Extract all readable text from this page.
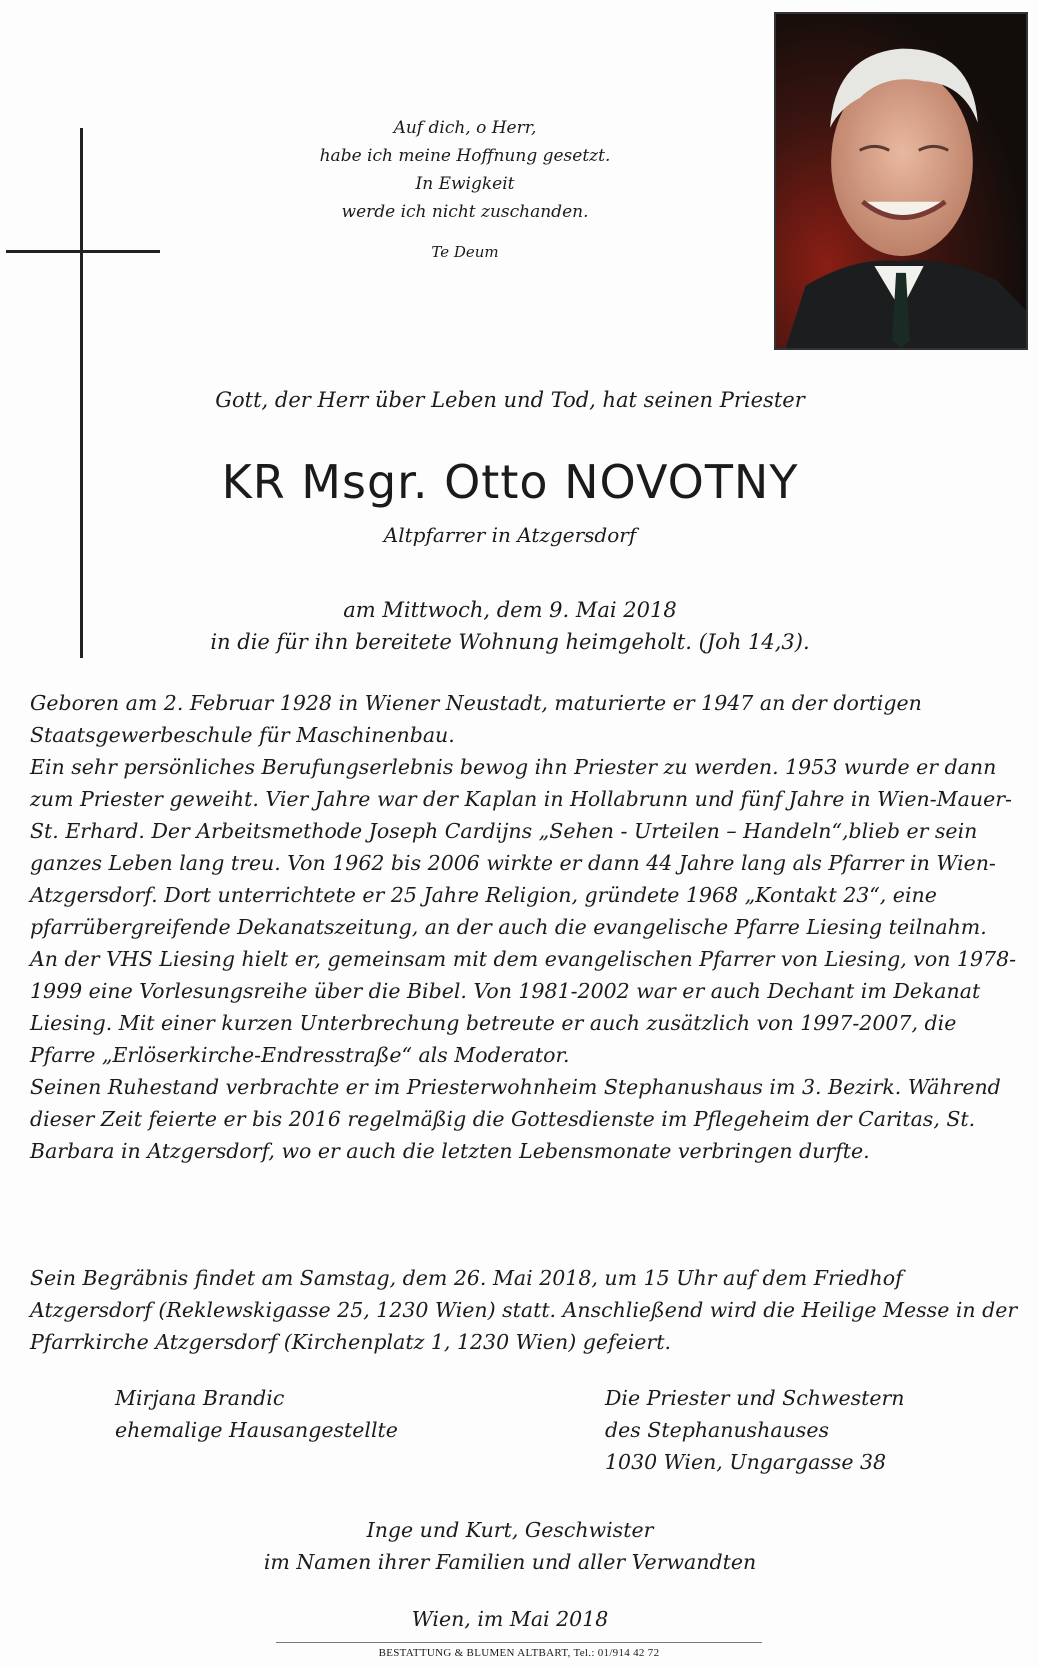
Auf dich, o Herr,
habe ich meine Hoffnung gesetzt.
In Ewigkeit
werde ich nicht zuschanden.
Te Deum
Gott, der Herr über Leben und Tod, hat seinen Priester
KR Msgr. Otto NOVOTNY
Altpfarrer in Atzgersdorf
am Mittwoch, dem 9. Mai 2018
in die für ihn bereitete Wohnung heimgeholt. (Joh 14,3).

Geboren am 2. Februar 1928 in Wiener Neustadt, maturierte er 1947 an der dortigen Staatsgewerbeschule für Maschinenbau.

Ein sehr persönliches Berufungserlebnis bewog ihn Priester zu werden. 1953 wurde er dann zum Priester geweiht. Vier Jahre war der Kaplan in Hollabrunn und fünf Jahre in Wien-Mauer-St. Erhard. Der Arbeitsmethode Joseph Cardijns „Sehen - Urteilen – Handeln“,blieb er sein ganzes Leben lang treu. Von 1962 bis 2006 wirkte er dann 44 Jahre lang als Pfarrer in Wien-Atzgersdorf. Dort unterrichtete er 25 Jahre Religion, gründete 1968 „Kontakt 23“, eine pfarrübergreifende Dekanatszeitung, an der auch die evangelische Pfarre Liesing teilnahm. An der VHS Liesing hielt er, gemeinsam mit dem evangelischen Pfarrer von Liesing, von 1978-1999 eine Vorlesungsreihe über die Bibel. Von 1981-2002 war er auch Dechant im Dekanat Liesing. Mit einer kurzen Unterbrechung betreute er auch zusätzlich von 1997-2007, die Pfarre „Erlöserkirche-Endresstraße“ als Moderator.

Seinen Ruhestand verbrachte er im Priesterwohnheim Stephanushaus im 3. Bezirk. Während dieser Zeit feierte er bis 2016 regelmäßig die Gottesdienste im Pflegeheim der Caritas, St. Barbara in Atzgersdorf, wo er auch die letzten Lebensmonate verbringen durfte.

Sein Begräbnis findet am Samstag, dem 26. Mai 2018, um 15 Uhr auf dem Friedhof Atzgersdorf (Reklewskigasse 25, 1230 Wien) statt. Anschließend wird die Heilige Messe in der Pfarrkirche Atzgersdorf (Kirchenplatz 1, 1230 Wien) gefeiert.
Mirjana Brandic
ehemalige Hausangestellte
Die Priester und Schwestern
des Stephanushauses
1030 Wien, Ungargasse 38
Inge und Kurt, Geschwister
im Namen ihrer Familien und aller Verwandten
Wien, im Mai 2018
BESTATTUNG & BLUMEN ALTBART, Tel.: 01/914 42 72
